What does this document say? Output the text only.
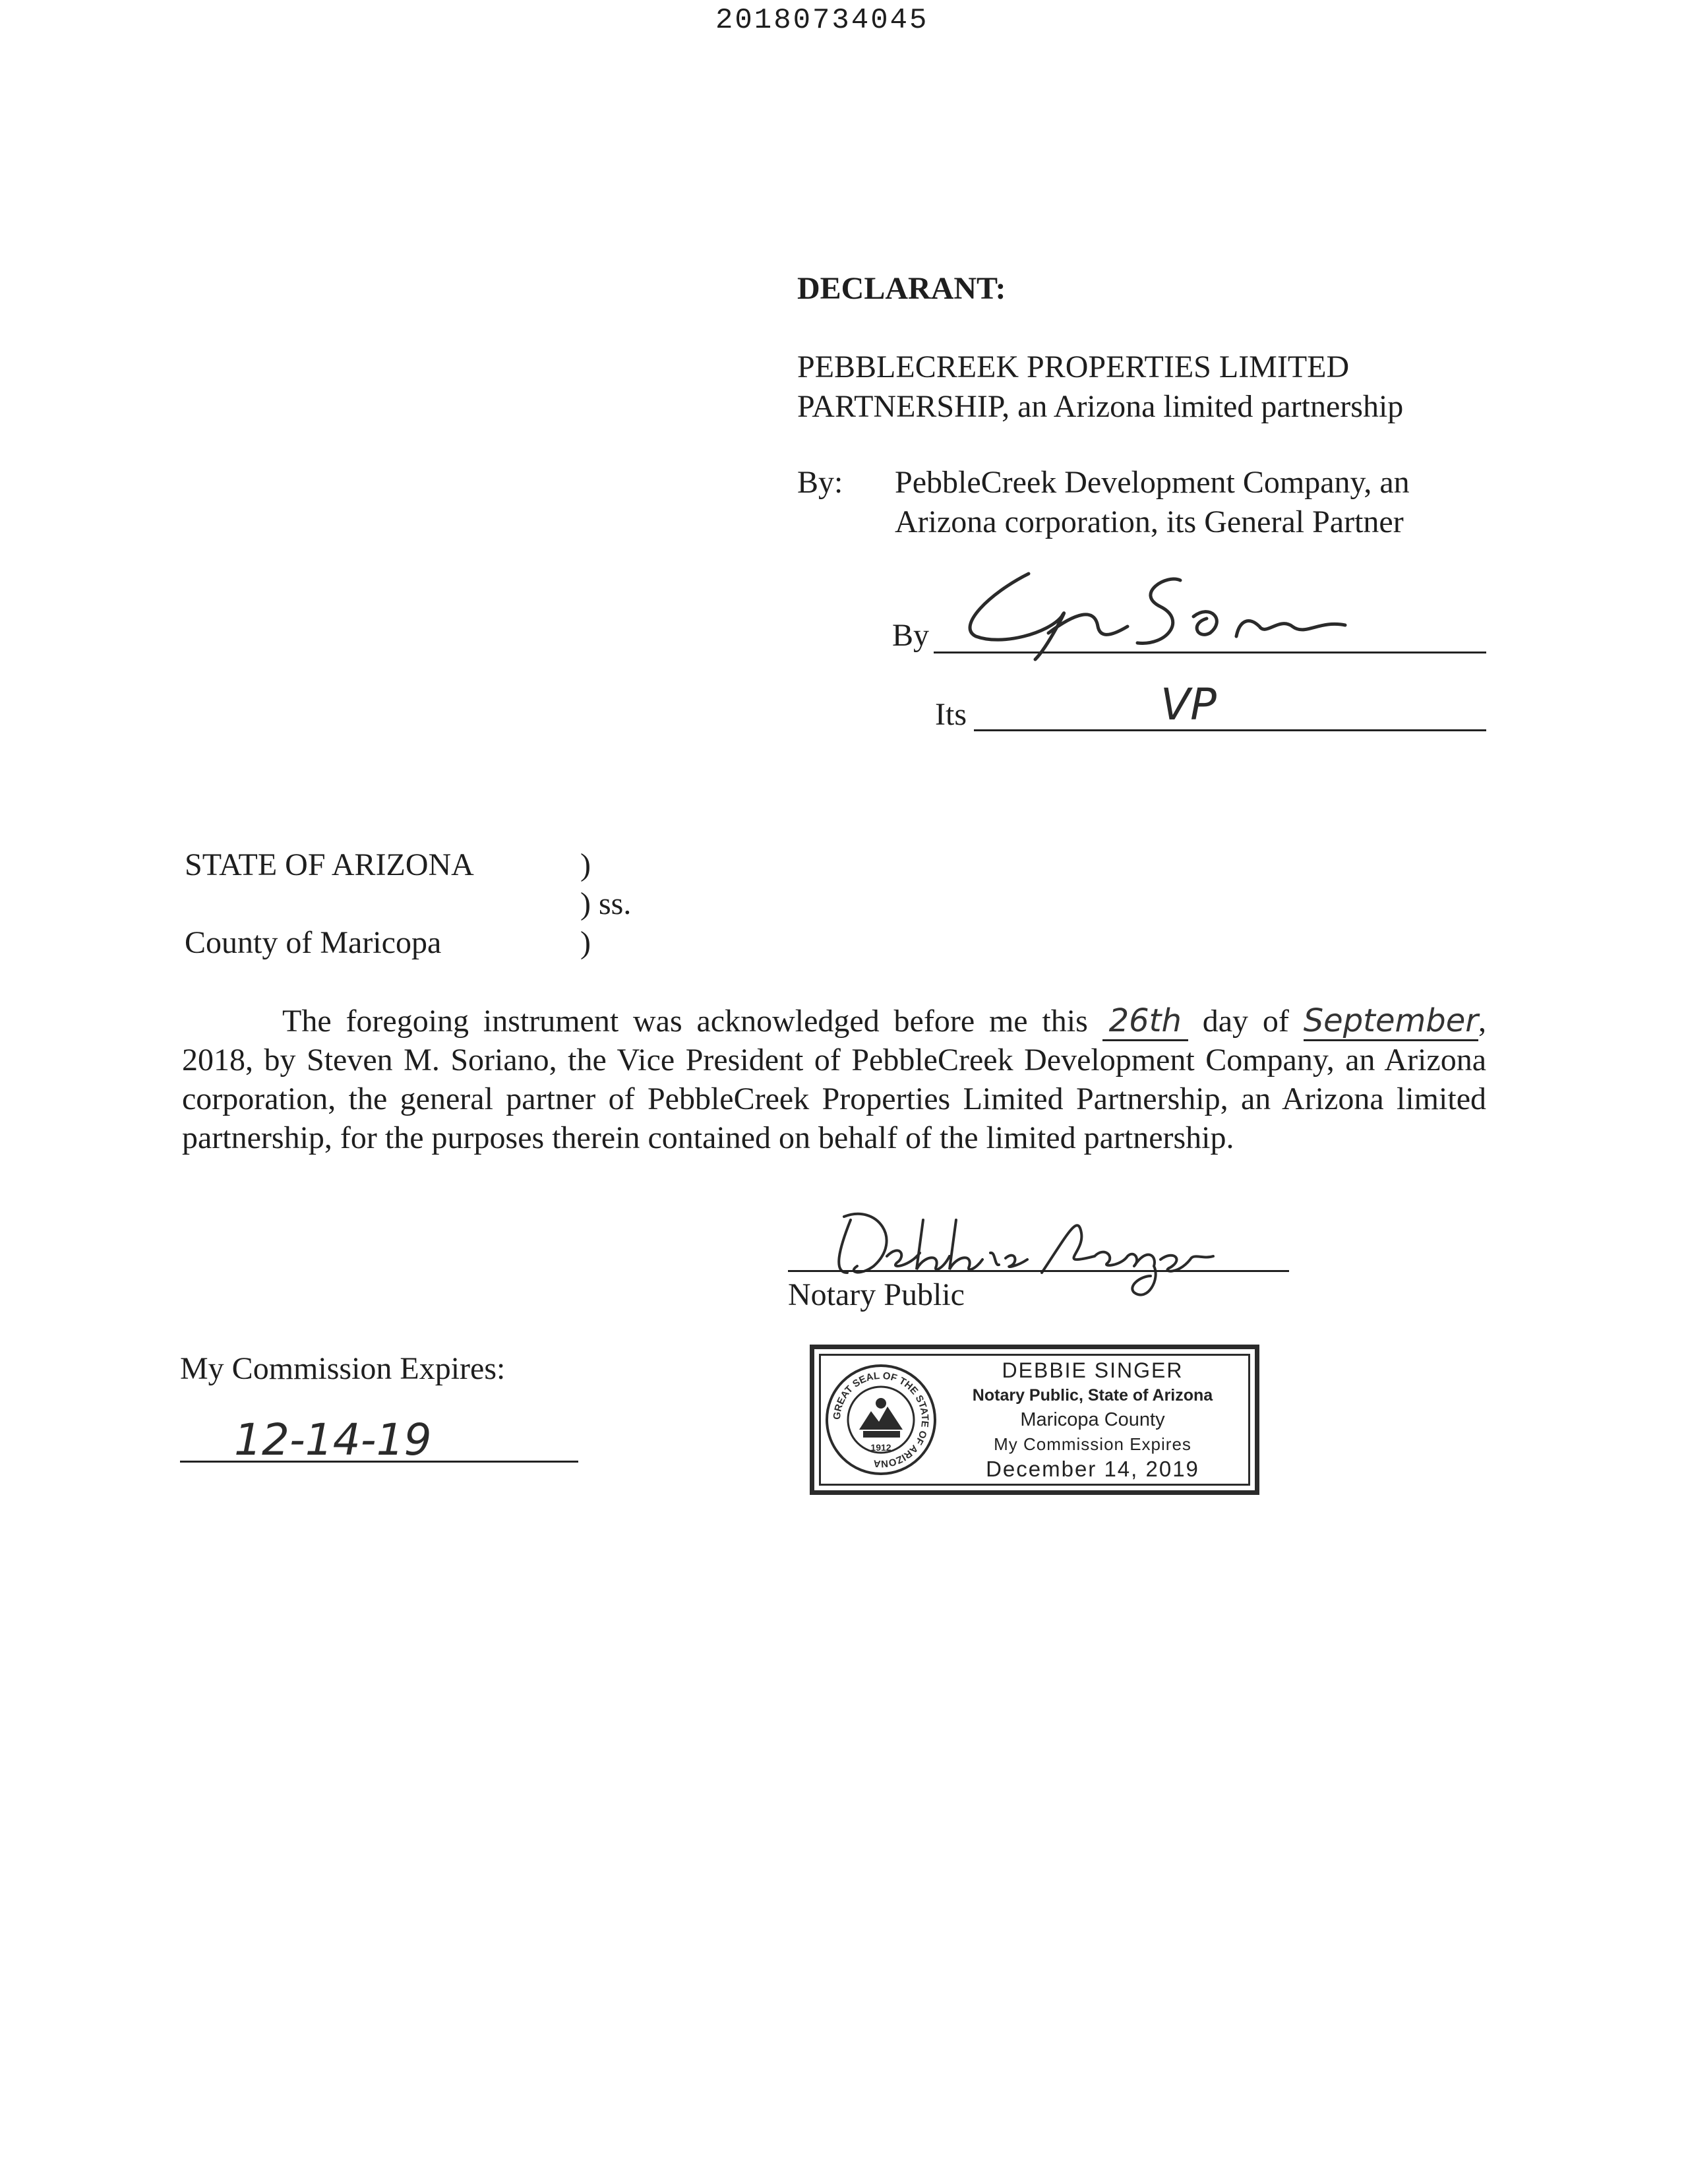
20180734045
DECLARANT:
PEBBLECREEK PROPERTIES LIMITED
PARTNERSHIP, an Arizona limited partnership
By: PebbleCreek Development Company, an
Arizona corporation, its General Partner
By
Its	VP
STATE OF ARIZONA	)
) ss.
County of Maricopa	)
The foregoing instrument was acknowledged before me this 26th day of September, 2018, by Steven M. Soriano, the Vice President of PebbleCreek Development Company, an Arizona corporation, the general partner of PebbleCreek Properties Limited Partnership, an Arizona limited partnership, for the purposes therein contained on behalf of the limited partnership.
Notary Public
My Commission Expires:
12-14-19	GREAT SEAL OF THE STATE OF ARIZONA
1912
DEBBIE SINGER
Notary Public, State of Arizona
Maricopa County
My Commission Expires
December 14, 2019
